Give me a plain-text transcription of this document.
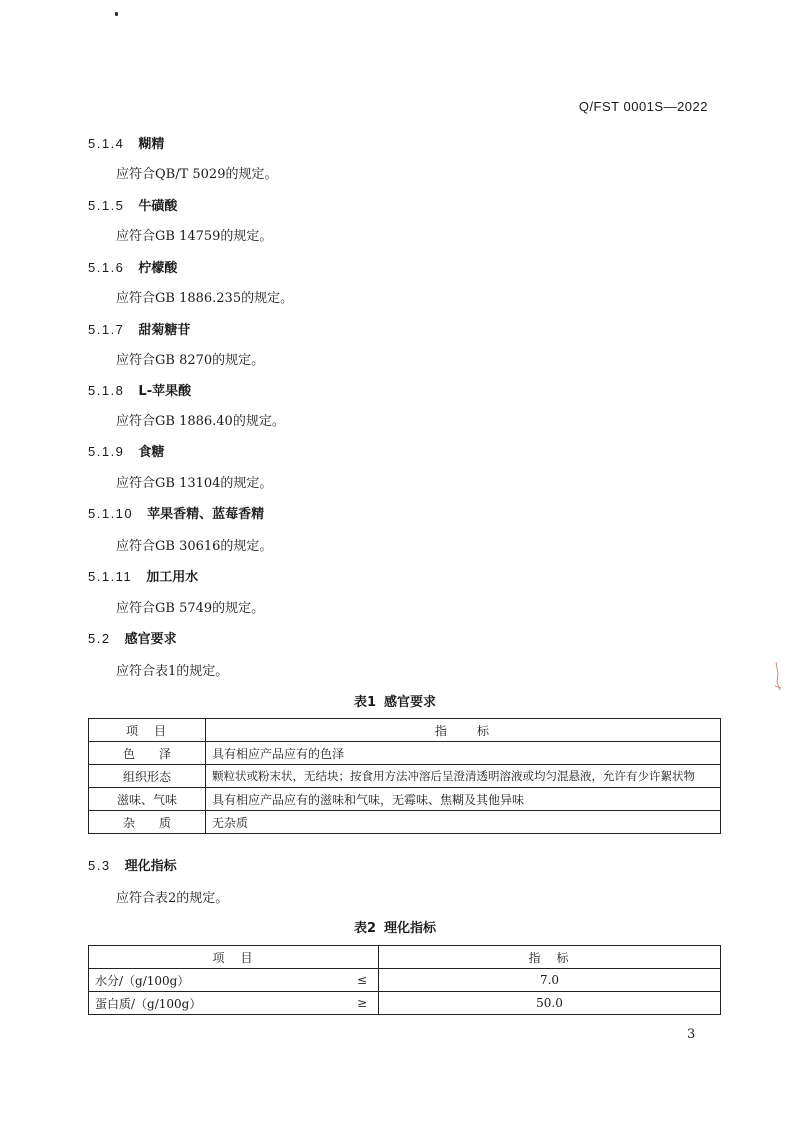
Q/FST 0001S—2022
5.1.4 糊精
应符合QB/T 5029的规定。
5.1.5 牛磺酸
应符合GB 14759的规定。
5.1.6 柠檬酸
应符合GB 1886.235的规定。
5.1.7 甜菊糖苷
应符合GB 8270的规定。
5.1.8 L-苹果酸
应符合GB 1886.40的规定。
5.1.9 食糖
应符合GB 13104的规定。
5.1.10 苹果香精、蓝莓香精
应符合GB 30616的规定。
5.1.11 加工用水
应符合GB 5749的规定。
5.2 感官要求
应符合表1的规定。
表1 感官要求
项　目	指　　标
色　　泽	具有相应产品应有的色泽
组织形态	颗粒状或粉末状，无结块；按食用方法冲溶后呈澄清透明溶液或均匀混悬液，允许有少许絮状物
滋味、气味	具有相应产品应有的滋味和气味，无霉味、焦糊及其他异味
杂　　质	无杂质
5.3 理化指标
应符合表2的规定。
表2 理化指标
项　目		指　标
水分/（g/100g）	≤	7.0
蛋白质/（g/100g）	≥	50.0
3
